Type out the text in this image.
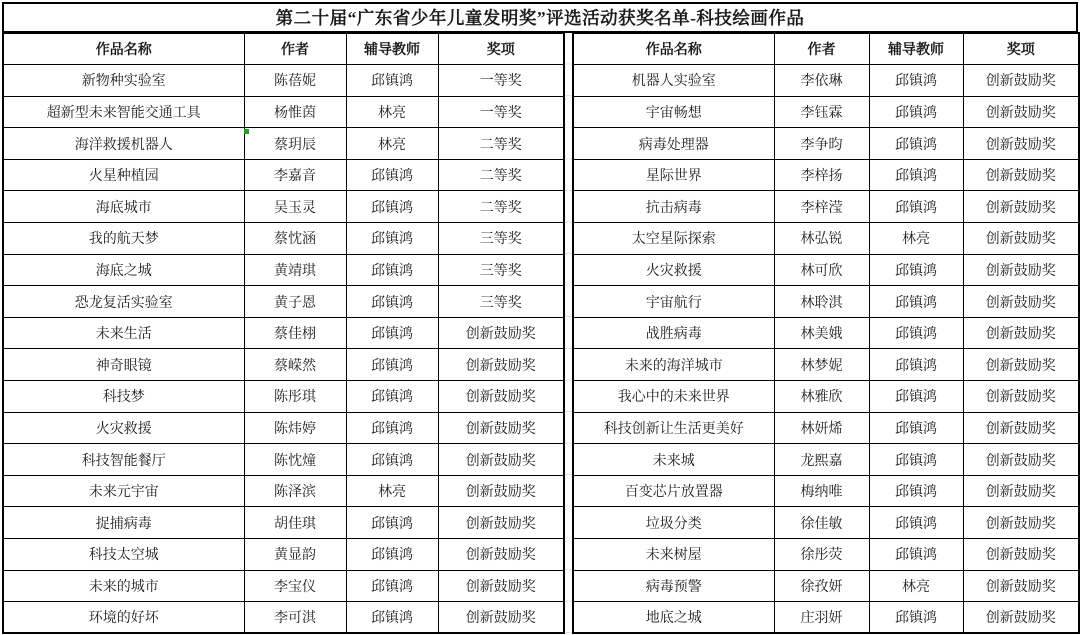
第二十届“广东省少年儿童发明奖”评选活动获奖名单-科技绘画作品
作品名称	作者	辅导教师	奖项
新物种实验室	陈蓓妮	邱镇鸿	一等奖
超新型未来智能交通工具	杨惟茵	林亮	一等奖
海洋救援机器人	蔡玥辰	林亮	二等奖
火星种植园	李嘉音	邱镇鸿	二等奖
海底城市	吴玉灵	邱镇鸿	二等奖
我的航天梦	蔡忱涵	邱镇鸿	三等奖
海底之城	黄靖琪	邱镇鸿	三等奖
恐龙复活实验室	黄子恩	邱镇鸿	三等奖
未来生活	蔡佳栩	邱镇鸿	创新鼓励奖
神奇眼镜	蔡嵘然	邱镇鸿	创新鼓励奖
科技梦	陈彤琪	邱镇鸿	创新鼓励奖
火灾救援	陈炜婷	邱镇鸿	创新鼓励奖
科技智能餐厅	陈忱燑	邱镇鸿	创新鼓励奖
未来元宇宙	陈泽滨	林亮	创新鼓励奖
捉捕病毒	胡佳琪	邱镇鸿	创新鼓励奖
科技太空城	黄显韵	邱镇鸿	创新鼓励奖
未来的城市	李宝仪	邱镇鸿	创新鼓励奖
环境的好坏	李可淇	邱镇鸿	创新鼓励奖
作品名称	作者	辅导教师	奖项
机器人实验室	李依琳	邱镇鸿	创新鼓励奖
宇宙畅想	李钰霖	邱镇鸿	创新鼓励奖
病毒处理器	李争昀	邱镇鸿	创新鼓励奖
星际世界	李梓扬	邱镇鸿	创新鼓励奖
抗击病毒	李梓滢	邱镇鸿	创新鼓励奖
太空星际探索	林弘锐	林亮	创新鼓励奖
火灾救援	林可欣	邱镇鸿	创新鼓励奖
宇宙航行	林聆淇	邱镇鸿	创新鼓励奖
战胜病毒	林美娥	邱镇鸿	创新鼓励奖
未来的海洋城市	林梦妮	邱镇鸿	创新鼓励奖
我心中的未来世界	林雅欣	邱镇鸿	创新鼓励奖
科技创新让生活更美好	林妍烯	邱镇鸿	创新鼓励奖
未来城	龙熙嘉	邱镇鸿	创新鼓励奖
百变芯片放置器	梅纳唯	邱镇鸿	创新鼓励奖
垃圾分类	徐佳敏	邱镇鸿	创新鼓励奖
未来树屋	徐彤荧	邱镇鸿	创新鼓励奖
病毒预警	徐孜妍	林亮	创新鼓励奖
地底之城	庄羽妍	邱镇鸿	创新鼓励奖
